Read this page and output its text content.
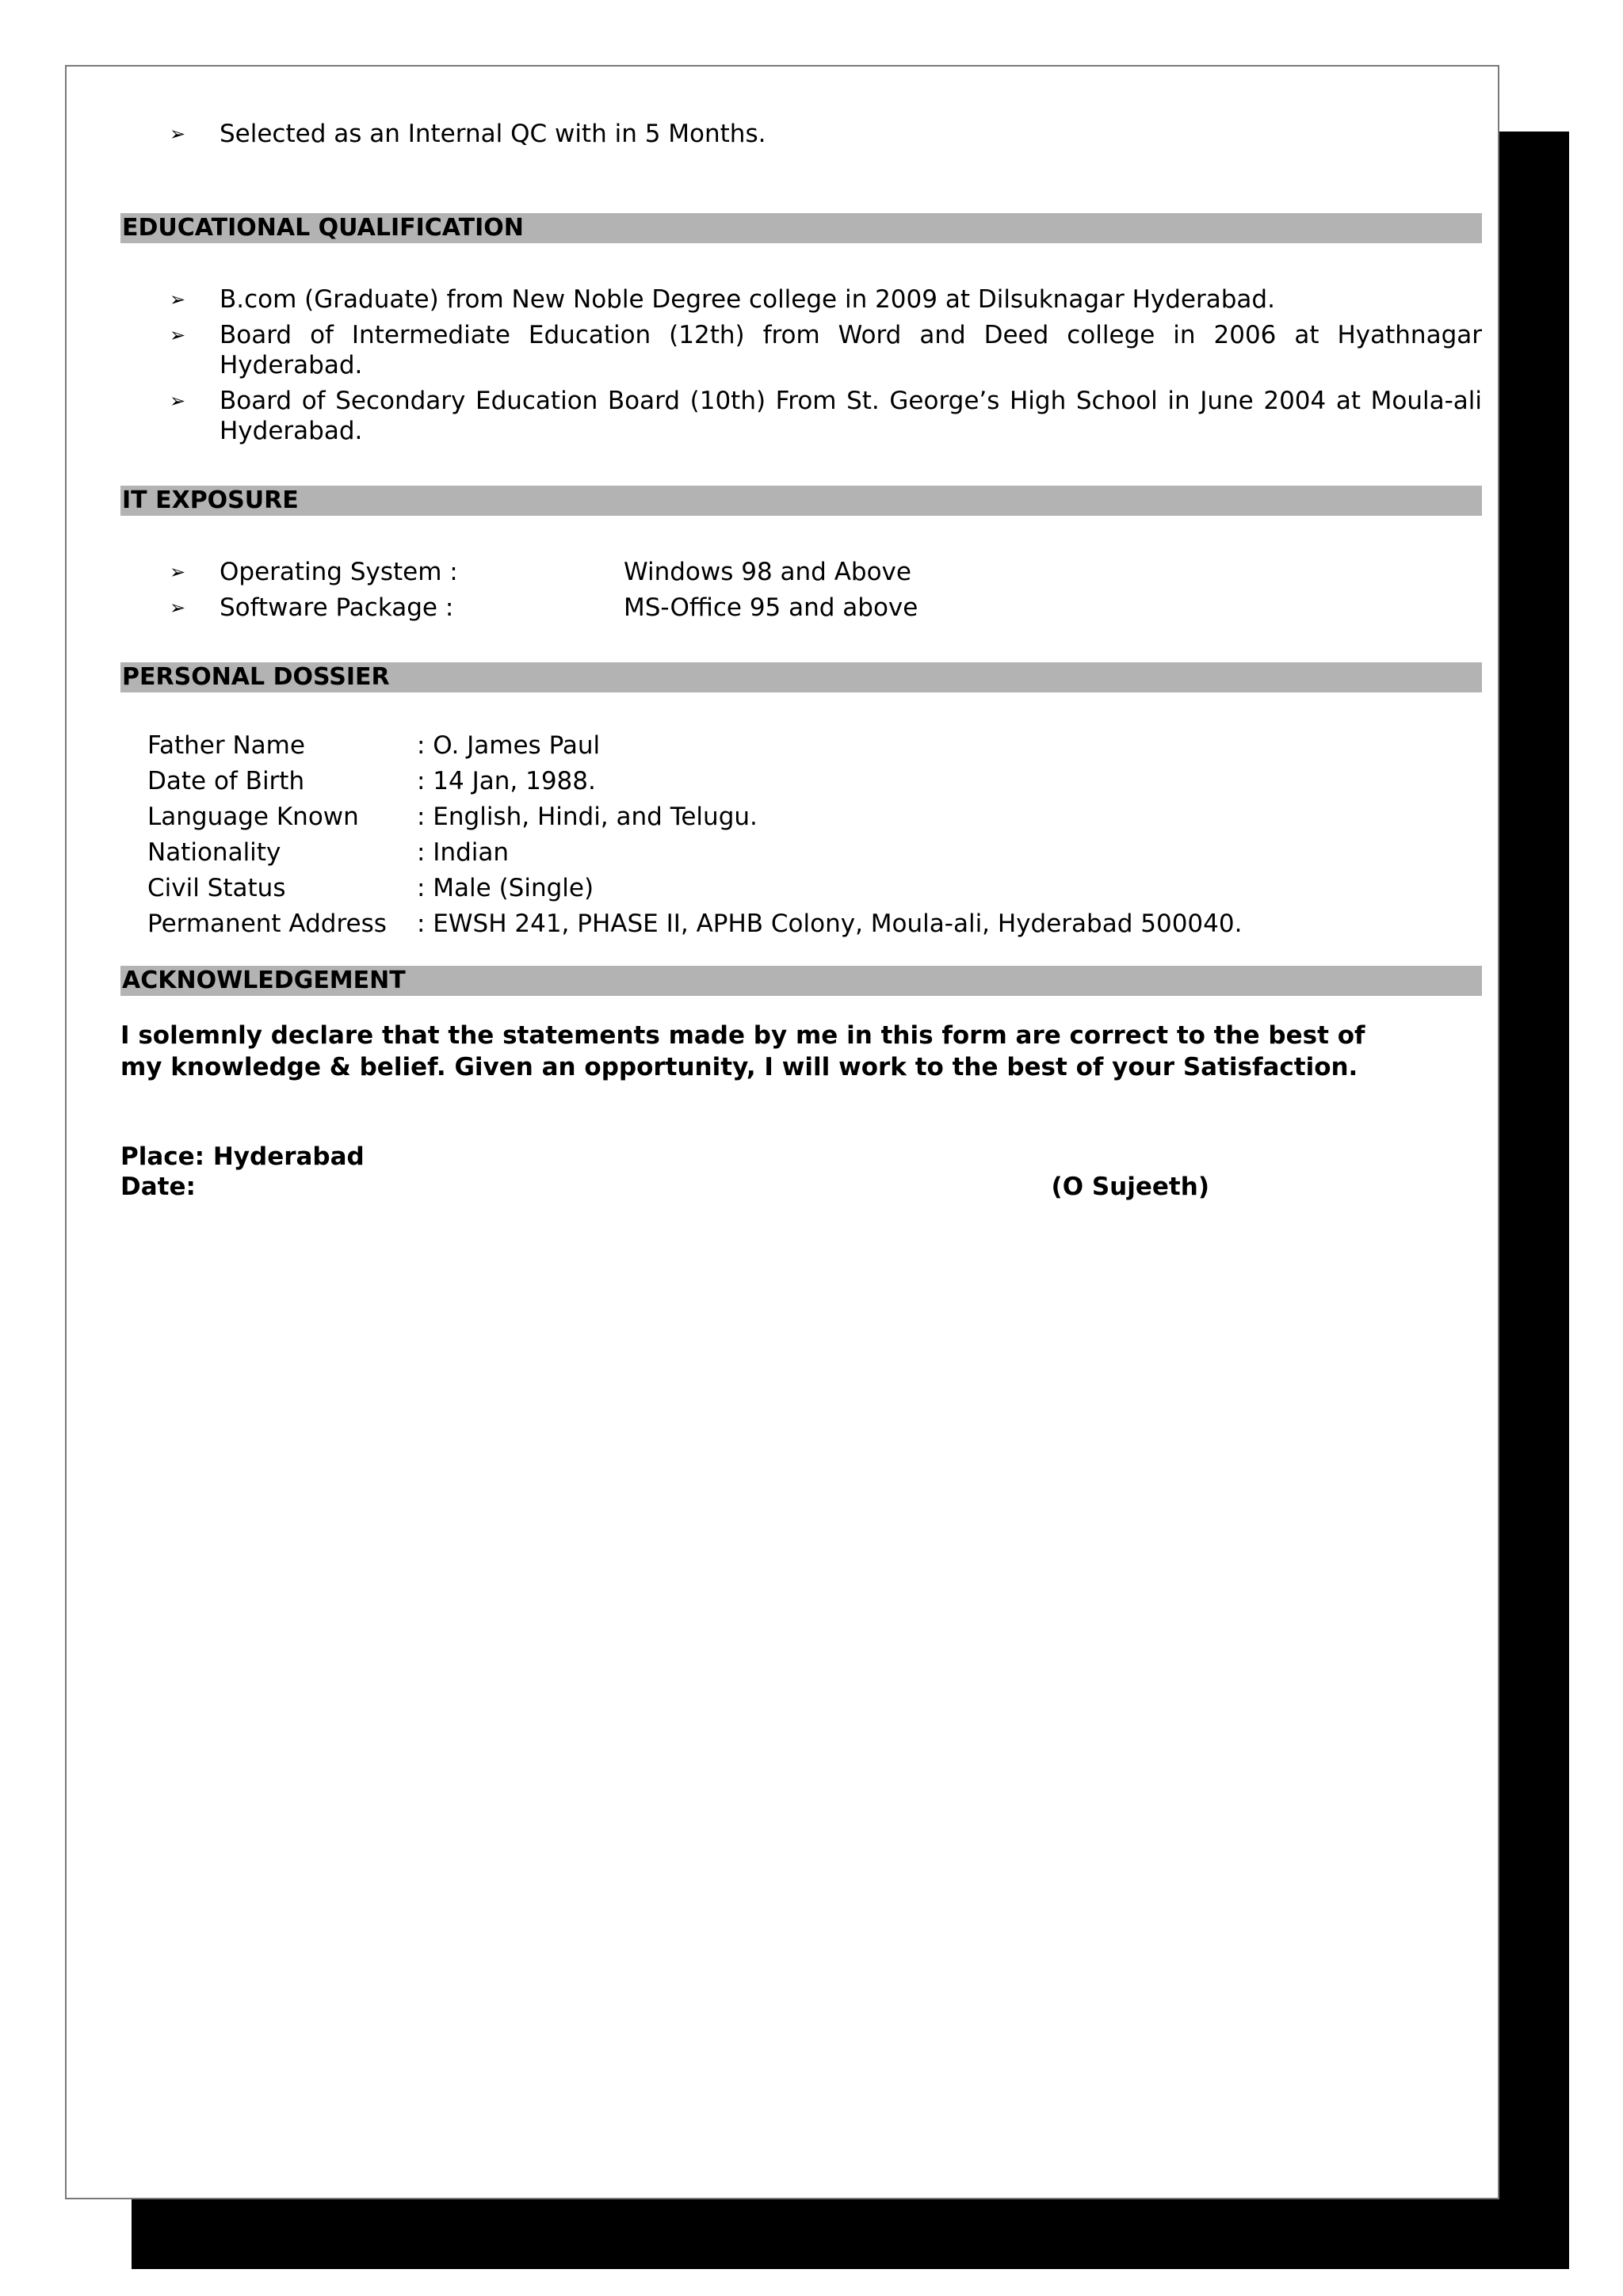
➢ Selected as an Internal QC with in 5 Months.
EDUCATIONAL QUALIFICATION
➢ B.com (Graduate) from New Noble Degree college in 2009 at Dilsuknagar Hyderabad.
➢ Board of Intermediate Education (12th) from Word and Deed college in 2006 at Hyathnagar Hyderabad.
➢ Board of Secondary Education Board (10th) From St. George’s High School in June 2004 at Moula-ali Hyderabad.
IT EXPOSURE
➢ Operating System :	Windows 98 and Above
➢ Software Package :	MS-Office 95 and above
PERSONAL DOSSIER
Father Name	: O. James Paul
Date of Birth	: 14 Jan, 1988.
Language Known	: English, Hindi, and Telugu.
Nationality	: Indian
Civil Status	: Male (Single)
Permanent Address	: EWSH 241, PHASE II, APHB Colony, Moula-ali, Hyderabad 500040.
ACKNOWLEDGEMENT
I solemnly declare that the statements made by me in this form are correct to the best of
my knowledge & belief. Given an opportunity, I will work to the best of your Satisfaction.
Place: Hyderabad
Date:	(O Sujeeth)
